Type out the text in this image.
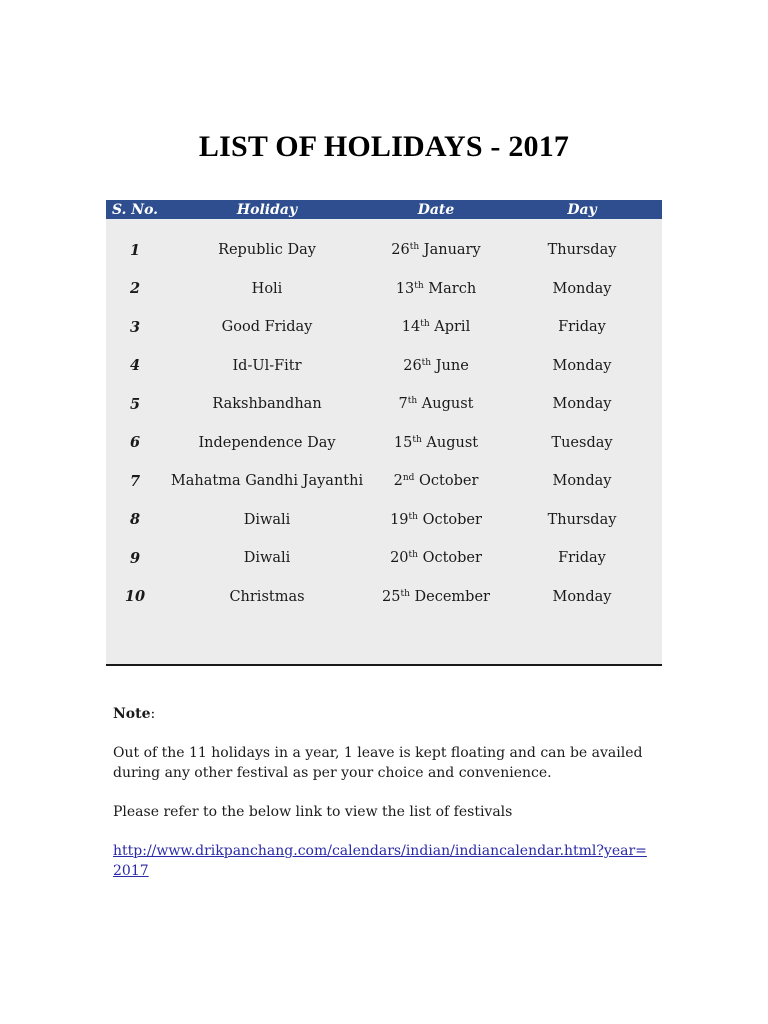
LIST OF HOLIDAYS - 2017
S. No.	Holiday	Date	Day
1	Republic Day	26th January	Thursday
2	Holi	13th March	Monday
3	Good Friday	14th April	Friday
4	Id-Ul-Fitr	26th June	Monday
5	Rakshbandhan	7th August	Monday
6	Independence Day	15th August	Tuesday
7	Mahatma Gandhi Jayanthi	2nd October	Monday
8	Diwali	19th October	Thursday
9	Diwali	20th October	Friday
10	Christmas	25th December	Monday

Note:

Out of the 11 holidays in a year, 1 leave is kept floating and can be availed during any other festival as per your choice and convenience.

Please refer to the below link to view the list of festivals

http://www.drikpanchang.com/calendars/indian/indiancalendar.html?year=2017
